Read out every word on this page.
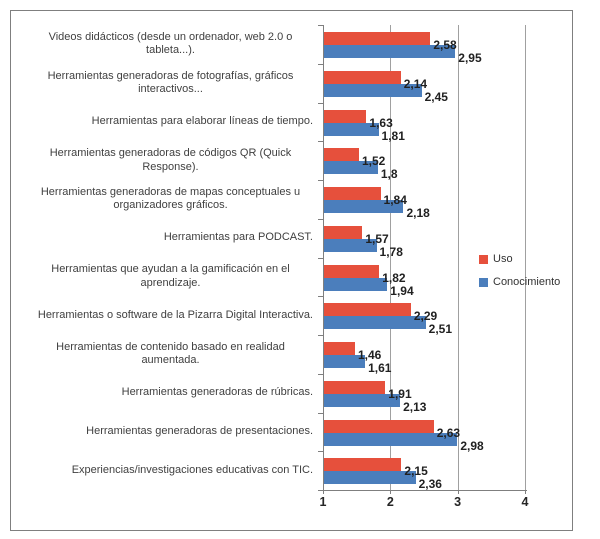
1	2	3	4
Videos didácticos (desde un ordenador, web 2.0 o tableta...).	2,58
2,95
Herramientas generadoras de fotografías, gráficos interactivos...	2,14
2,45
Herramientas para elaborar líneas de tiempo.	1,63
1,81
Herramientas generadoras de códigos QR (Quick Response).	1,52
1,8
Herramientas generadoras de mapas conceptuales u organizadores gráficos.	1,84
2,18
Herramientas para PODCAST.	1,57
1,78
Herramientas que ayudan a la gamificación en el aprendizaje.	1,82
1,94
Herramientas o software de la Pizarra Digital Interactiva.	2,29
2,51
Herramientas de contenido basado en realidad aumentada.	1,46
1,61
Herramientas generadoras de rúbricas.	1,91
2,13
Herramientas generadoras de presentaciones.	2,63
2,98
Experiencias/investigaciones educativas con TIC.	2,15
2,36
Uso
Conocimiento
